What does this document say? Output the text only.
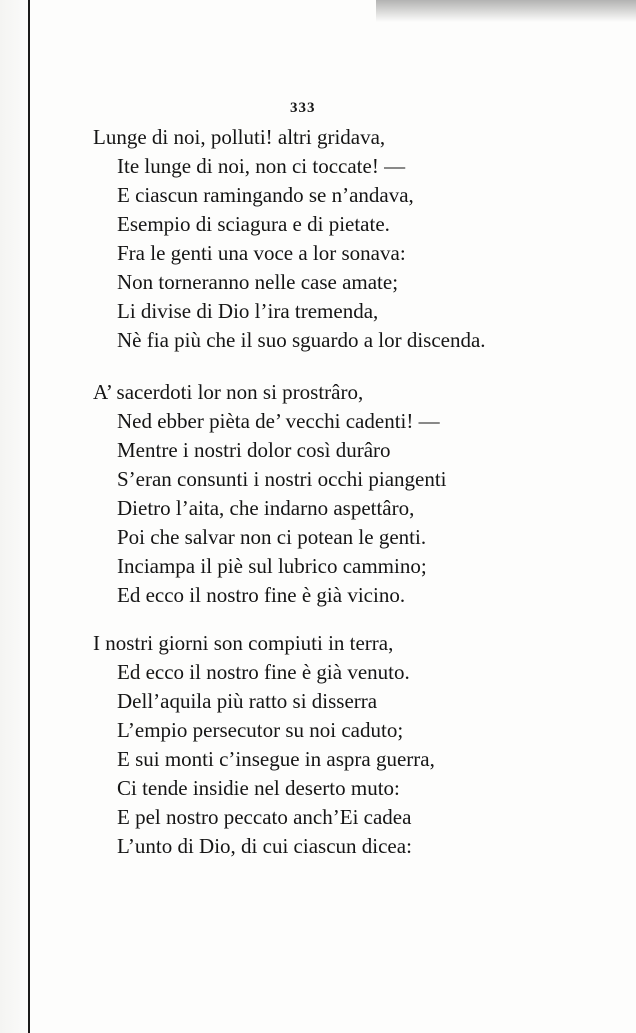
333
Lunge di noi, polluti! altri gridava,
Ite lunge di noi, non ci toccate! —
E ciascun ramingando se n’andava,
Esempio di sciagura e di pietate.
Fra le genti una voce a lor sonava:
Non torneranno nelle case amate;
Li divise di Dio l’ira tremenda,
Nè fia più che il suo sguardo a lor discenda.
A’ sacerdoti lor non si prostrâro,
Ned ebber pièta de’ vecchi cadenti! —
Mentre i nostri dolor così durâro
S’eran consunti i nostri occhi piangenti
Dietro l’aita, che indarno aspettâro,
Poi che salvar non ci potean le genti.
Inciampa il piè sul lubrico cammino;
Ed ecco il nostro fine è già vicino.
I nostri giorni son compiuti in terra,
Ed ecco il nostro fine è già venuto.
Dell’aquila più ratto si disserra
L’empio persecutor su noi caduto;
E sui monti c’insegue in aspra guerra,
Ci tende insidie nel deserto muto:
E pel nostro peccato anch’Ei cadea
L’unto di Dio, di cui ciascun dicea:
